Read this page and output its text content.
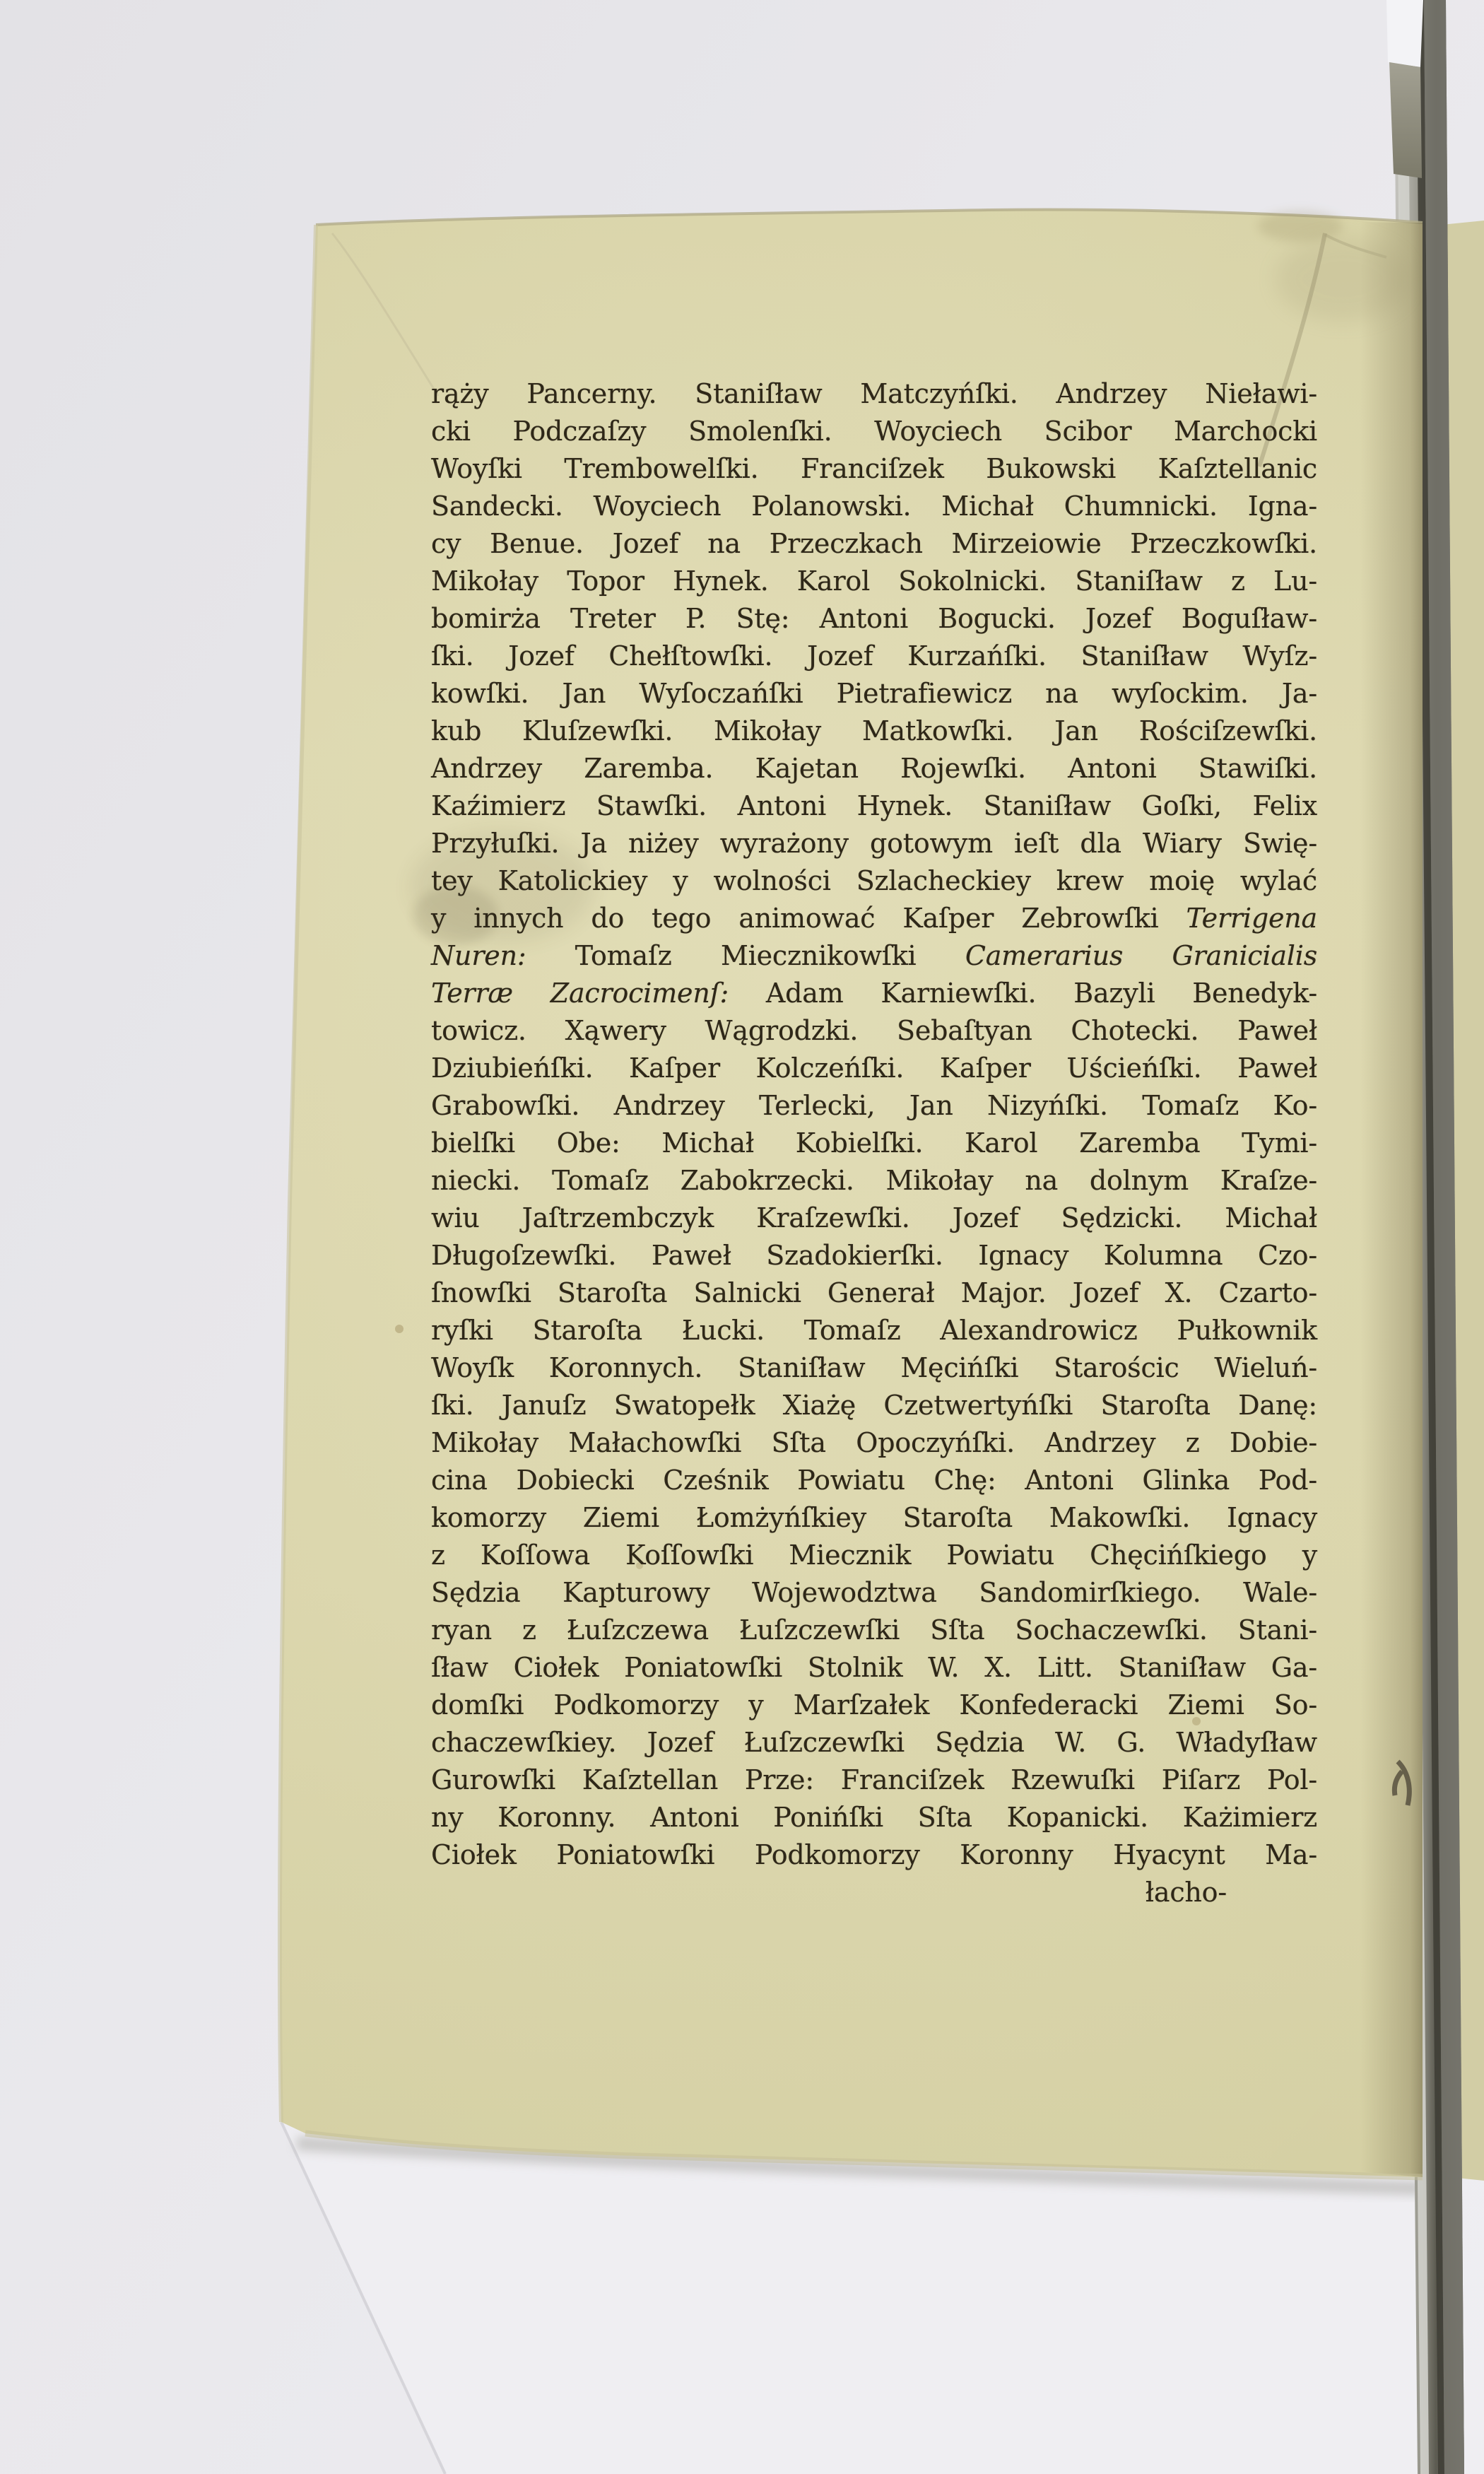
rąży Pancerny. Staniſław Matczyńſki. Andrzey Nieławi-
cki Podczaſzy Smolenſki. Woyciech Scibor Marchocki
Woyſki Trembowelſki. Franciſzek Bukowski Kaſztellanic
Sandecki. Woyciech Polanowski. Michał Chumnicki. Igna-
cy Benue. Jozef na Przeczkach Mirzeiowie Przeczkowſki.
Mikołay Topor Hynek. Karol Sokolnicki. Staniſław z Lu-
bomirża Treter P. Stę: Antoni Bogucki. Jozef Boguſław-
ſki. Jozef Chełſtowſki. Jozef Kurzańſki. Staniſław Wyſz-
kowſki. Jan Wyſoczańſki Pietrafiewicz na wyſockim. Ja-
kub Kluſzewſki. Mikołay Matkowſki. Jan Rościſzewſki.
Andrzey Zaremba. Kajetan Rojewſki. Antoni Stawiſki.
Kaźimierz Stawſki. Antoni Hynek. Staniſław Goſki, Felix
Przyłuſki. Ja niżey wyrażony gotowym ieſt dla Wiary Swię-
tey Katolickiey y wolności Szlacheckiey krew moię wylać
y innych do tego animować Kaſper Zebrowſki Terrigena
Nuren: Tomaſz Miecznikowſki Camerarius Granicialis
Terræ Zacrocimenſ: Adam Karniewſki. Bazyli Benedyk-
towicz. Xąwery Wągrodzki. Sebaſtyan Chotecki. Paweł
Dziubieńſki. Kaſper Kolczeńſki. Kaſper Uścieńſki. Paweł
Grabowſki. Andrzey Terlecki, Jan Nizyńſki. Tomaſz Ko-
bielſki Obe: Michał Kobielſki. Karol Zaremba Tymi-
niecki. Tomaſz Zabokrzecki. Mikołay na dolnym Kraſze-
wiu Jaſtrzembczyk Kraſzewſki. Jozef Sędzicki. Michał
Długoſzewſki. Paweł Szadokierſki. Ignacy Kolumna Czo-
ſnowſki Staroſta Salnicki Generał Major. Jozef X. Czarto-
ryſki Staroſta Łucki. Tomaſz Alexandrowicz Pułkownik
Woyſk Koronnych. Staniſław Męcińſki Starościc Wieluń-
ſki. Januſz Swatopełk Xiażę Czetwertyńſki Staroſta Danę:
Mikołay Małachowſki Sſta Opoczyńſki. Andrzey z Dobie-
cina Dobiecki Cześnik Powiatu Chę: Antoni Glinka Pod-
komorzy Ziemi Łomżyńſkiey Staroſta Makowſki. Ignacy
z Koſſowa Koſſowſki Miecznik Powiatu Chęcińſkiego y
Sędzia Kapturowy Wojewodztwa Sandomirſkiego. Wale-
ryan z Łuſzczewa Łuſzczewſki Sſta Sochaczewſki. Stani-
ſław Ciołek Poniatowſki Stolnik W. X. Litt. Staniſław Ga-
domſki Podkomorzy y Marſzałek Konfederacki Ziemi So-
chaczewſkiey. Jozef Łuſzczewſki Sędzia W. G. Władyſław
Gurowſki Kaſztellan Prze: Franciſzek Rzewuſki Piſarz Pol-
ny Koronny. Antoni Ponińſki Sſta Kopanicki. Każimierz
Ciołek Poniatowſki Podkomorzy Koronny Hyacynt Ma-
łacho-
